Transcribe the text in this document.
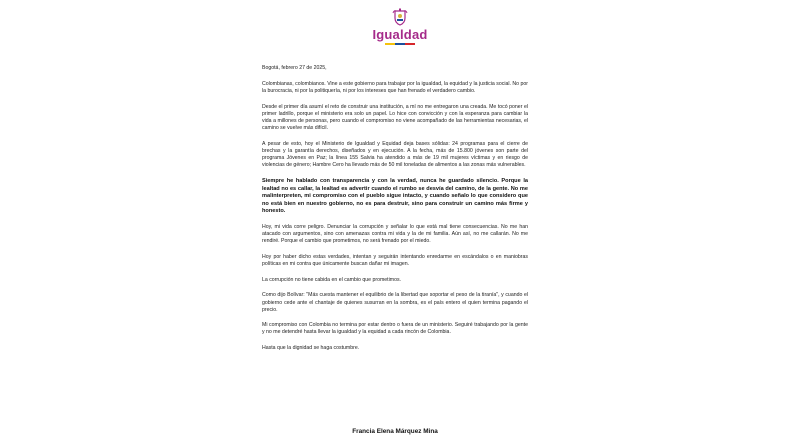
Igualdad

Bogotá, febrero 27 de 2025,

Colombianas, colombianos. Vine a este gobierno para trabajar por la igualdad, la equidad y la justicia social. No por la burocracia, ni por la politiquería, ni por los intereses que han frenado el verdadero cambio.

Desde el primer día asumí el reto de construir una institución, a mí no me entregaron una creada. Me tocó poner el primer ladrillo, porque el ministerio era solo un papel. Lo hice con convicción y con la esperanza para cambiar la vida a millones de personas, pero cuando el compromiso no viene acompañado de las herramientas necesarias, el camino se vuelve más difícil.

A pesar de esto, hoy el Ministerio de Igualdad y Equidad deja bases sólidas: 24 programas para el cierre de brechas y la garantía derechos, diseñados y en ejecución. A la fecha, más de 15.800 jóvenes son parte del programa Jóvenes en Paz; la línea 155 Salvia ha atendido a más de 19 mil mujeres víctimas y en riesgo de violencias de género; Hambre Cero ha llevado más de 50 mil toneladas de alimentos a las zonas más vulnerables.

Siempre he hablado con transparencia y con la verdad, nunca he guardado silencio. Porque la lealtad no es callar, la lealtad es advertir cuando el rumbo se desvía del camino, de la gente. No me malinterpreten, mi compromiso con el pueblo sigue intacto, y cuando señalo lo que considero que no está bien en nuestro gobierno, no es para destruir, sino para construir un camino más firme y honesto.

Hoy, mi vida corre peligro. Denunciar la corrupción y señalar lo que está mal tiene consecuencias. No me han atacado con argumentos, sino con amenazas contra mi vida y la de mi familia. Aún así, no me callarán. No me rendiré. Porque el cambio que prometimos, no será frenado por el miedo.

Hoy por haber dicho estas verdades, intentan y seguirán intentando enredarme en escándalos o en maniobras políticas en mi contra que únicamente buscan dañar mi imagen.

La corrupción no tiene cabida en el cambio que prometimos.

Como dijo Bolívar: "Más cuesta mantener el equilibrio de la libertad que soportar el peso de la tiranía", y cuando el gobierno cede ante el chantaje de quienes susurran en la sombra, es el país entero el quien termina pagando el precio.

Mi compromiso con Colombia no termina por estar dentro o fuera de un ministerio. Seguiré trabajando por la gente y no me detendré hasta llevar la igualdad y la equidad a cada rincón de Colombia.

Hasta que la dignidad se haga costumbre.

Francia Elena Márquez Mina
